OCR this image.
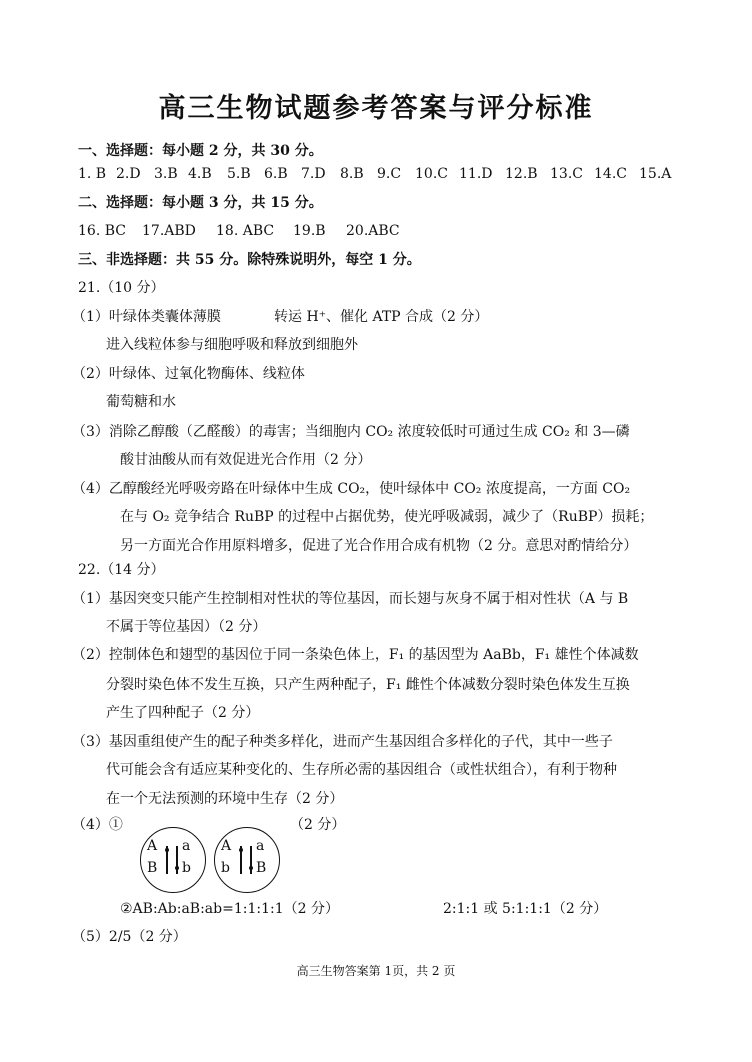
高三生物试题参考答案与评分标准
一、选择题：每小题 2 分，共 30 分。
1. B 2.D 3.B 4.B 5.B 6.B 7.D 8.B 9.C 10.C 11.D 12.B 13.C 14.C 15.A
二、选择题：每小题 3 分，共 15 分。
16. BC 17.ABD 18. ABC 19.B 20.ABC
三、非选择题：共 55 分。除特殊说明外，每空 1 分。
21.（10 分）
（1）叶绿体类囊体薄膜	转运 H⁺、催化 ATP 合成（2 分）
进入线粒体参与细胞呼吸和释放到细胞外
（2）叶绿体、过氧化物酶体、线粒体
葡萄糖和水
（3）消除乙醇酸（乙醛酸）的毒害；当细胞内 CO₂ 浓度较低时可通过生成 CO₂ 和 3—磷
酸甘油酸从而有效促进光合作用（2 分）
（4）乙醇酸经光呼吸旁路在叶绿体中生成 CO₂，使叶绿体中 CO₂ 浓度提高，一方面 CO₂
在与 O₂ 竞争结合 RuBP 的过程中占据优势，使光呼吸减弱，减少了（RuBP）损耗；
另一方面光合作用原料增多，促进了光合作用合成有机物（2 分。意思对酌情给分）
22.（14 分）
（1）基因突变只能产生控制相对性状的等位基因，而长翅与灰身不属于相对性状（A 与 B
不属于等位基因）（2 分）
（2）控制体色和翅型的基因位于同一条染色体上，F₁ 的基因型为 AaBb，F₁ 雄性个体减数
分裂时染色体不发生互换，只产生两种配子，F₁ 雌性个体减数分裂时染色体发生互换
产生了四种配子（2 分）
（3）基因重组使产生的配子种类多样化，进而产生基因组合多样化的子代，其中一些子
代可能会含有适应某种变化的、生存所必需的基因组合（或性状组合），有利于物种
在一个无法预测的环境中生存（2 分）
（4）①	（2 分）
A a
B b
A a
b B
②AB:Ab:aB:ab=1:1:1:1（2 分）	2:1:1 或 5:1:1:1（2 分）
（5）2/5（2 分）
高三生物答案第 1页，共 2 页
